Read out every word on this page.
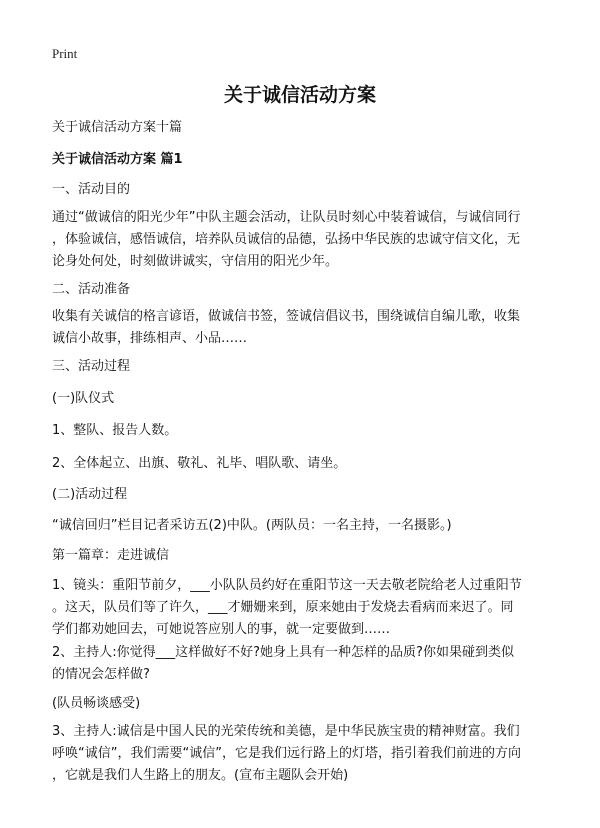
Print
关于诚信活动方案
关于诚信活动方案十篇
关于诚信活动方案 篇1
一、活动目的
通过“做诚信的阳光少年”中队主题会活动，让队员时刻心中装着诚信，与诚信同行
，体验诚信，感悟诚信，培养队员诚信的品德，弘扬中华民族的忠诚守信文化，无
论身处何处，时刻做讲诚实，守信用的阳光少年。
二、活动准备
收集有关诚信的格言谚语，做诚信书签，签诚信倡议书，围绕诚信自编儿歌，收集
诚信小故事，排练相声、小品……
三、活动过程
(一)队仪式
1、整队、报告人数。
2、全体起立、出旗、敬礼、礼毕、唱队歌、请坐。
(二)活动过程
“诚信回归”栏目记者采访五(2)中队。(两队员：一名主持，一名摄影。)
第一篇章：走进诚信
1、镜头：重阳节前夕，___小队队员约好在重阳节这一天去敬老院给老人过重阳节
。这天，队员们等了许久，___才姗姗来到，原来她由于发烧去看病而来迟了。同
学们都劝她回去，可她说答应别人的事，就一定要做到……
2、主持人:你觉得___这样做好不好?她身上具有一种怎样的品质?你如果碰到类似
的情况会怎样做?
(队员畅谈感受)
3、主持人:诚信是中国人民的光荣传统和美德，是中华民族宝贵的精神财富。我们
呼唤“诚信”，我们需要“诚信”，它是我们远行路上的灯塔，指引着我们前进的方向
，它就是我们人生路上的朋友。(宣布主题队会开始)
